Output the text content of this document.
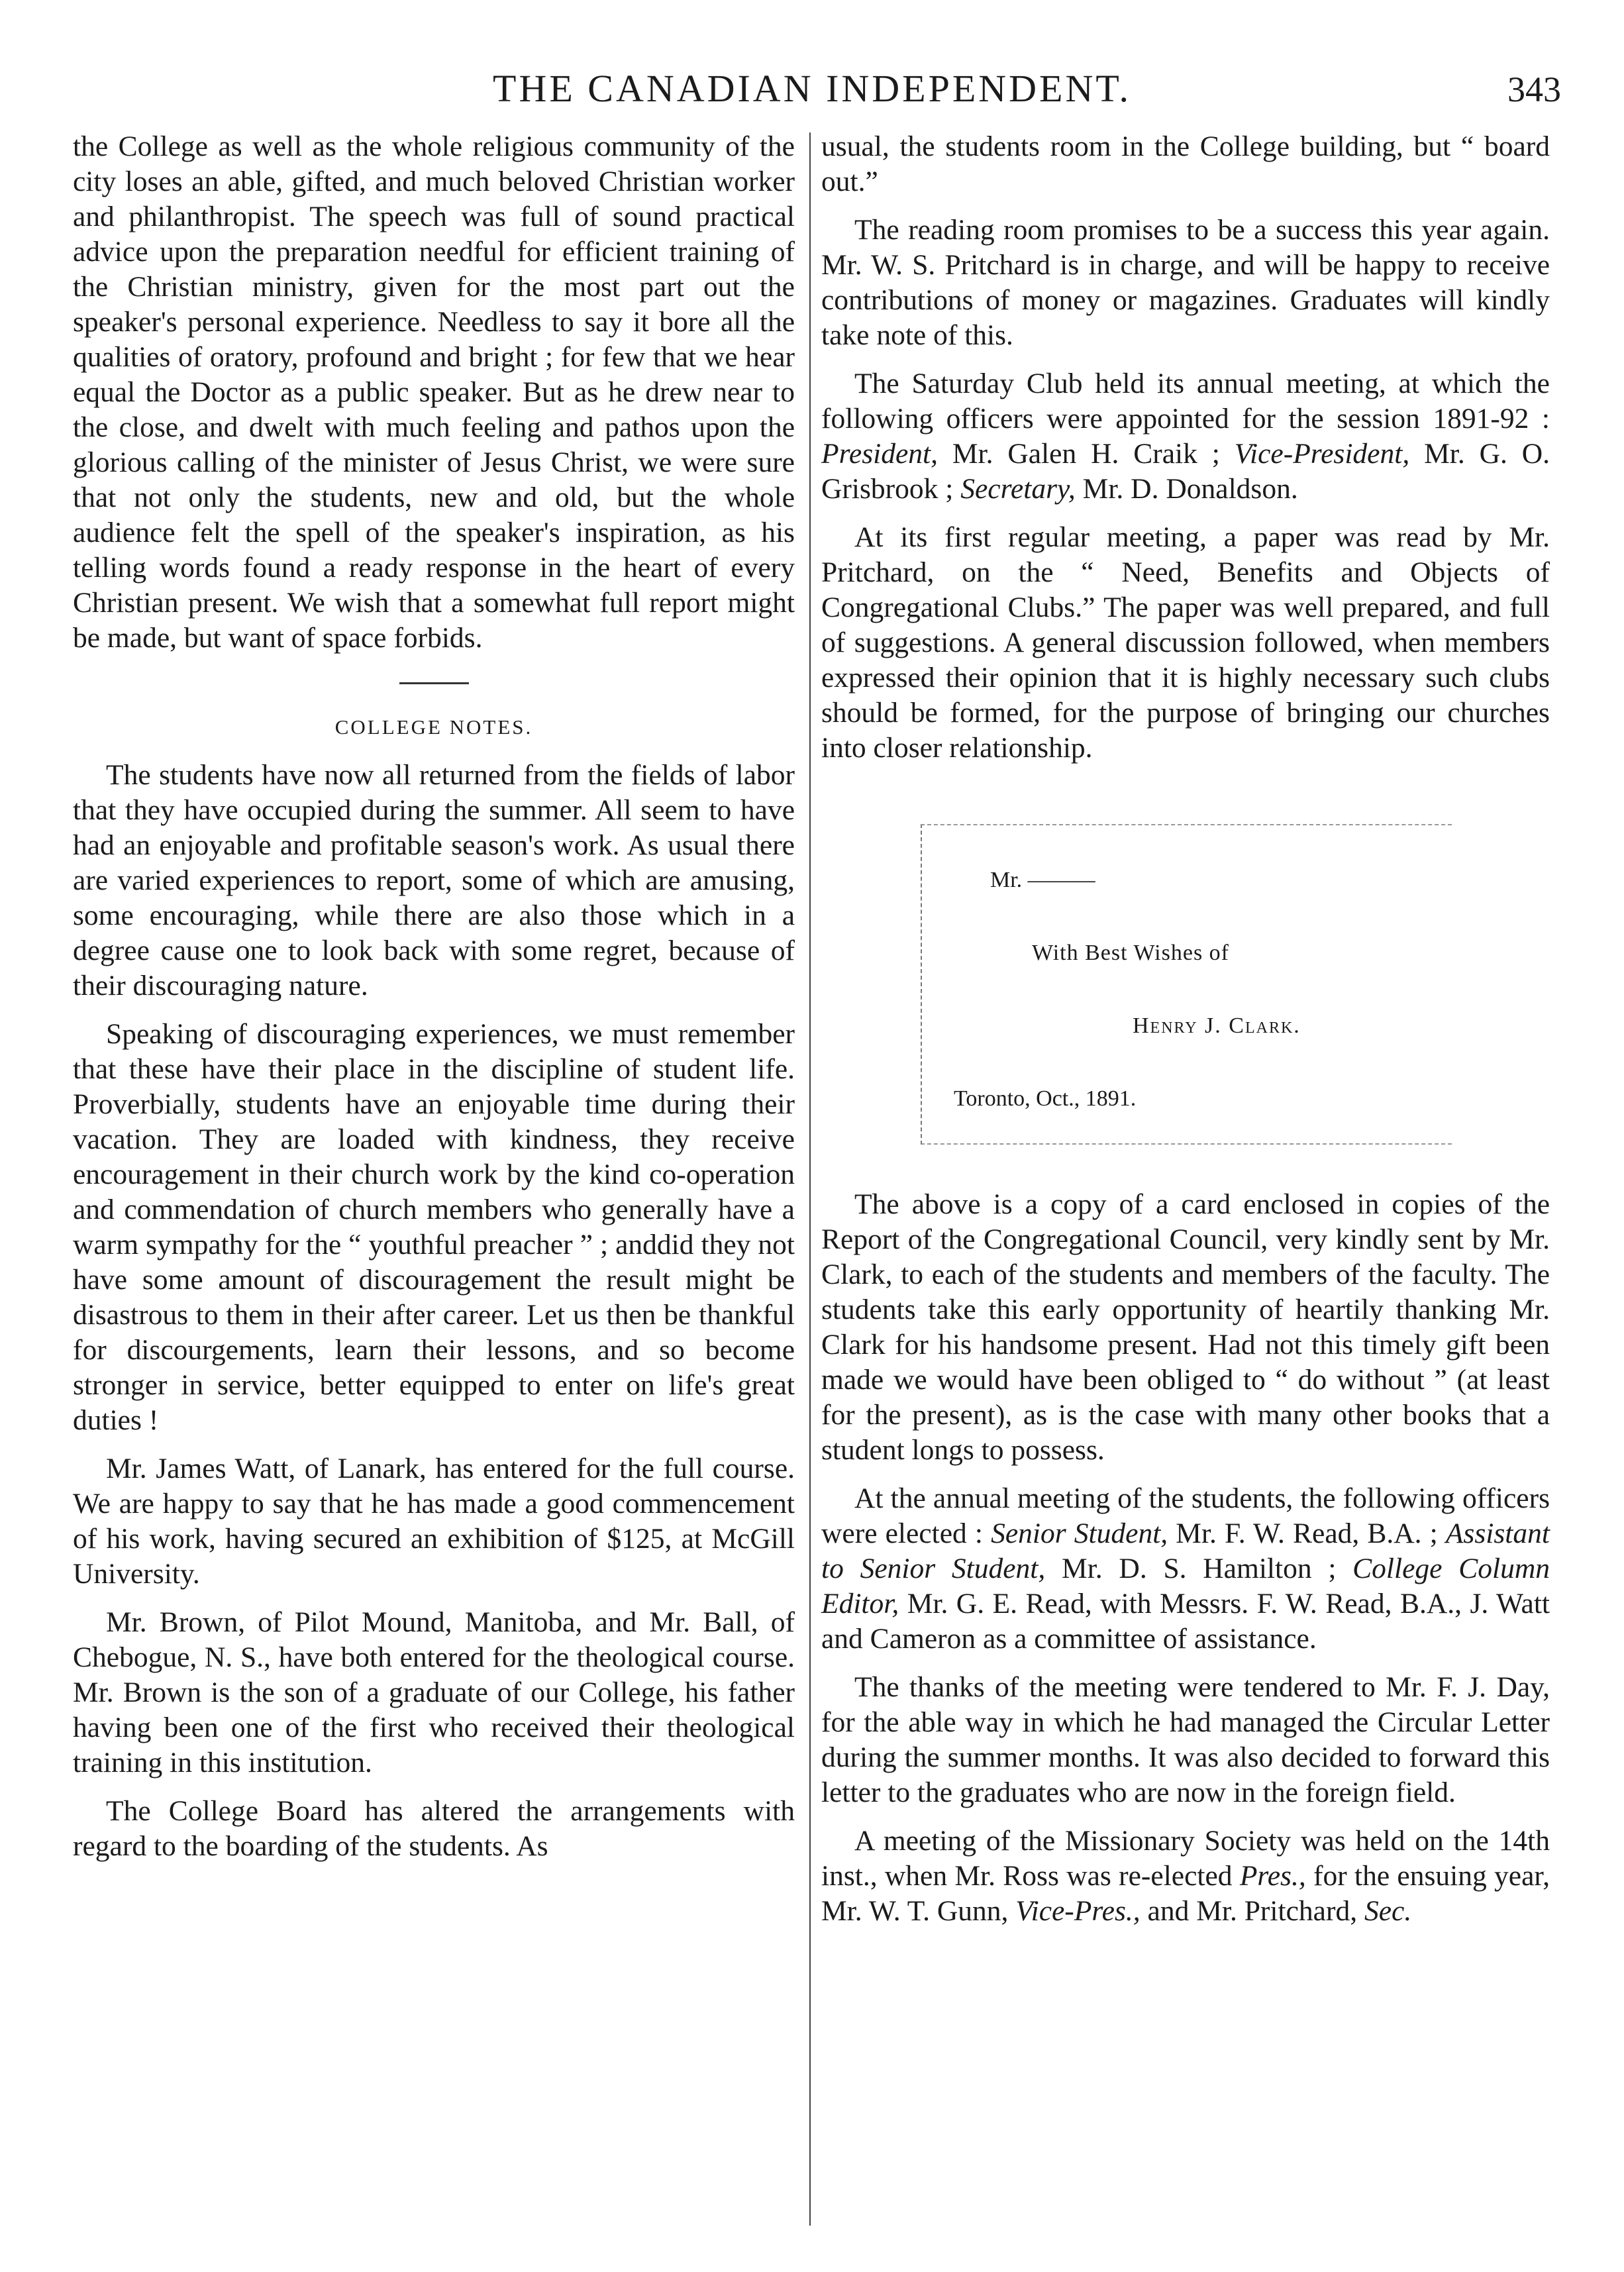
THE CANADIAN INDEPENDENT.	343

the College as well as the whole religious community of the city loses an able, gifted, and much beloved Christian worker and philanthropist. The speech was full of sound practical advice upon the preparation needful for efficient training of the Christian ministry, given for the most part out the speaker's personal experience. Needless to say it bore all the qualities of oratory, profound and bright ; for few that we hear equal the Doctor as a public speaker. But as he drew near to the close, and dwelt with much feeling and pathos upon the glorious calling of the minister of Jesus Christ, we were sure that not only the students, new and old, but the whole audience felt the spell of the speaker's inspiration, as his telling words found a ready response in the heart of every Christian present. We wish that a somewhat full report might be made, but want of space forbids.

COLLEGE NOTES.

The students have now all returned from the fields of labor that they have occupied during the summer. All seem to have had an enjoyable and profitable season's work. As usual there are varied experiences to report, some of which are amusing, some encouraging, while there are also those which in a degree cause one to look back with some regret, because of their discouraging nature.

Speaking of discouraging experiences, we must remember that these have their place in the discipline of student life. Proverbially, students have an enjoyable time during their vacation. They are loaded with kindness, they receive encouragement in their church work by the kind co-operation and commendation of church members who generally have a warm sympathy for the “ youthful preacher ” ; anddid they not have some amount of discouragement the result might be disastrous to them in their after career. Let us then be thankful for discourgements, learn their lessons, and so become stronger in service, better equipped to enter on life's great duties !

Mr. James Watt, of Lanark, has entered for the full course. We are happy to say that he has made a good commencement of his work, having secured an exhibition of $125, at McGill University.

Mr. Brown, of Pilot Mound, Manitoba, and Mr. Ball, of Chebogue, N. S., have both entered for the theological course. Mr. Brown is the son of a graduate of our College, his father having been one of the first who received their theological training in this institution.

The College Board has altered the arrangements with regard to the boarding of the students. As

usual, the students room in the College building, but “ board out.”

The reading room promises to be a success this year again. Mr. W. S. Pritchard is in charge, and will be happy to receive contributions of money or magazines. Graduates will kindly take note of this.

The Saturday Club held its annual meeting, at which the following officers were appointed for the session 1891-92 : President, Mr. Galen H. Craik ; Vice-President, Mr. G. O. Grisbrook ; Secretary, Mr. D. Donaldson.

At its first regular meeting, a paper was read by Mr. Pritchard, on the “ Need, Benefits and Objects of Congregational Clubs.” The paper was well prepared, and full of suggestions. A general discussion followed, when members expressed their opinion that it is highly necessary such clubs should be formed, for the purpose of bringing our churches into closer relationship.

Mr. ———
With Best Wishes of
Henry J. Clark.
Toronto, Oct., 1891.

The above is a copy of a card enclosed in copies of the Report of the Congregational Council, very kindly sent by Mr. Clark, to each of the students and members of the faculty. The students take this early opportunity of heartily thanking Mr. Clark for his handsome present. Had not this timely gift been made we would have been obliged to “ do without ” (at least for the present), as is the case with many other books that a student longs to possess.

At the annual meeting of the students, the following officers were elected : Senior Student, Mr. F. W. Read, B.A. ; Assistant to Senior Student, Mr. D. S. Hamilton ; College Column Editor, Mr. G. E. Read, with Messrs. F. W. Read, B.A., J. Watt and Cameron as a committee of assistance.

The thanks of the meeting were tendered to Mr. F. J. Day, for the able way in which he had managed the Circular Letter during the summer months. It was also decided to forward this letter to the graduates who are now in the foreign field.

A meeting of the Missionary Society was held on the 14th inst., when Mr. Ross was re-elected Pres., for the ensuing year, Mr. W. T. Gunn, Vice-Pres., and Mr. Pritchard, Sec.
